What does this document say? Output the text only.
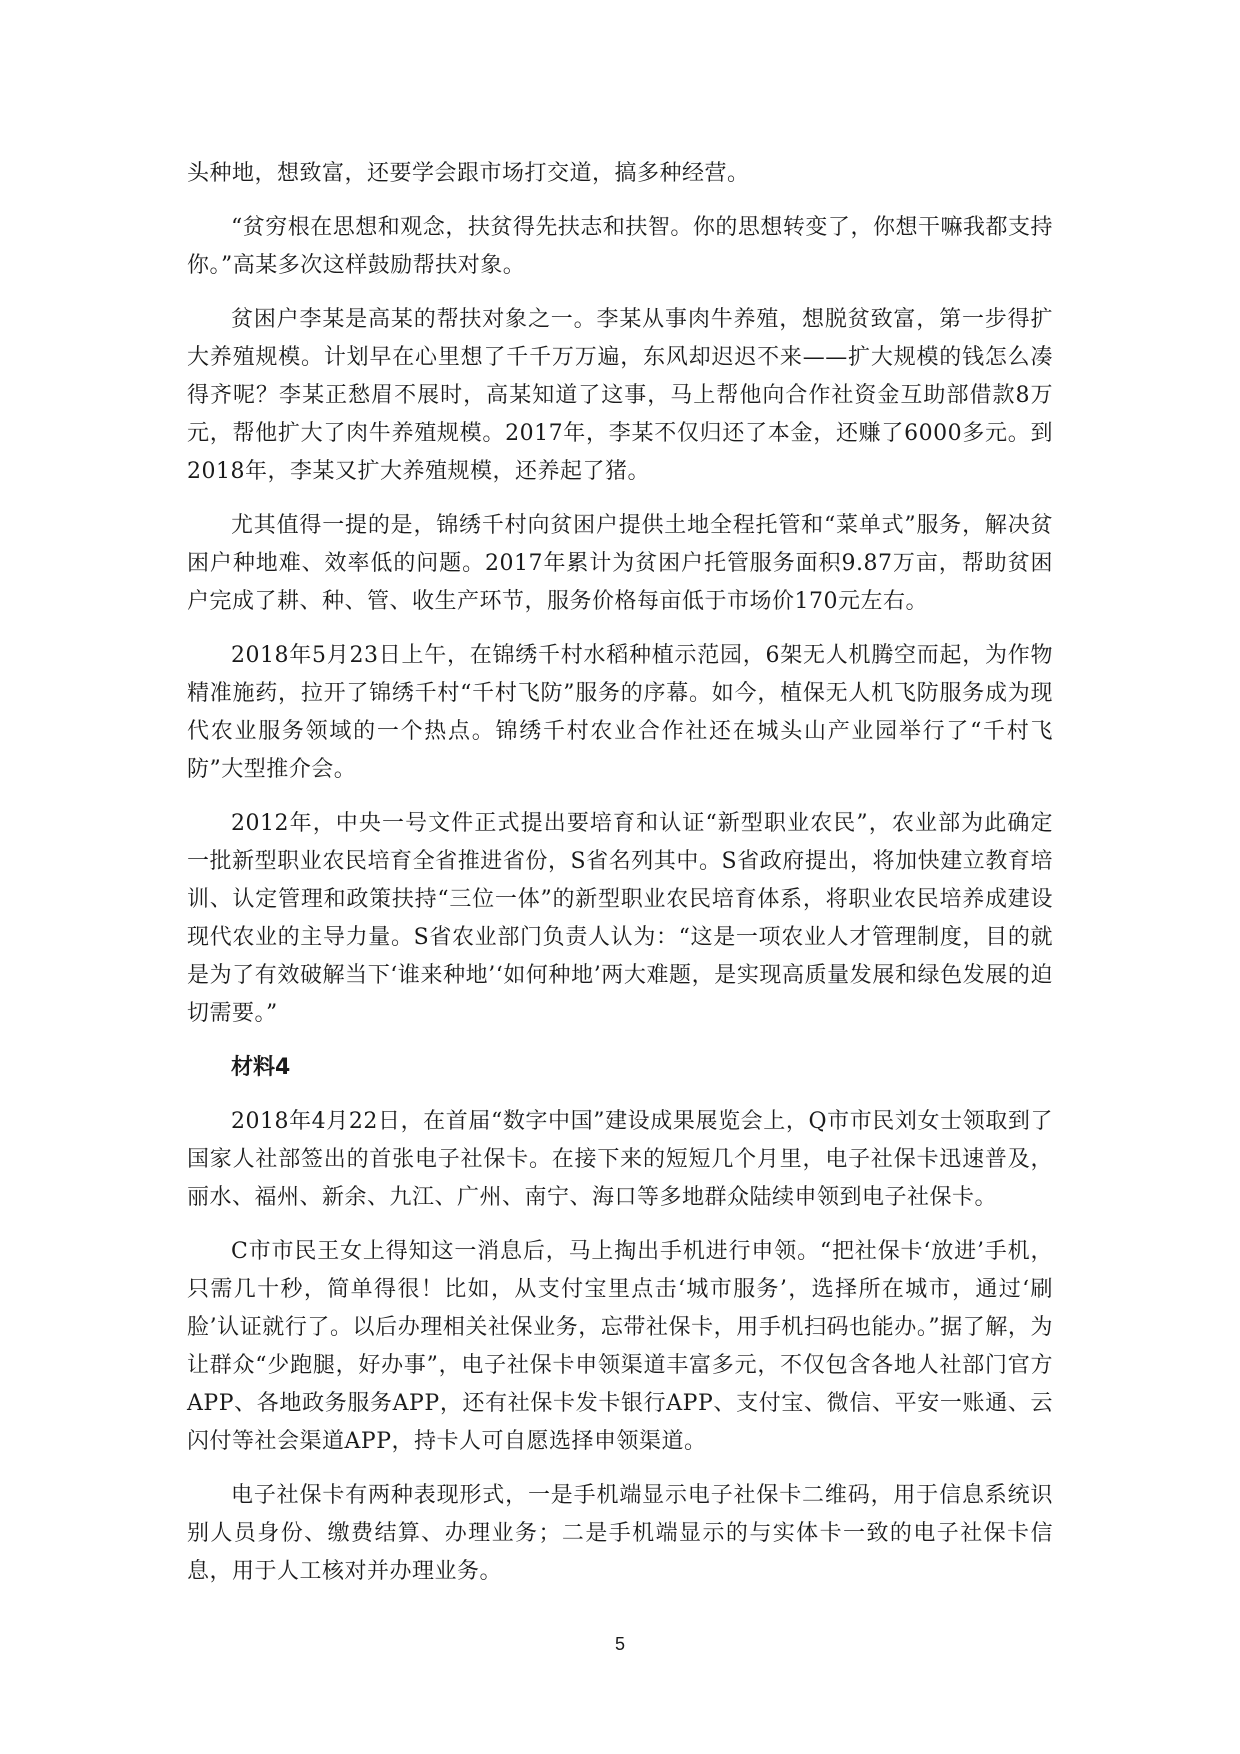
头种地，想致富，还要学会跟市场打交道，搞多种经营。

“贫穷根在思想和观念，扶贫得先扶志和扶智。你的思想转变了，你想干嘛我都支持你。”高某多次这样鼓励帮扶对象。

贫困户李某是高某的帮扶对象之一。李某从事肉牛养殖，想脱贫致富，第一步得扩大养殖规模。计划早在心里想了千千万万遍，东风却迟迟不来——扩大规模的钱怎么凑得齐呢？李某正愁眉不展时，高某知道了这事，马上帮他向合作社资金互助部借款8万元，帮他扩大了肉牛养殖规模。2017年，李某不仅归还了本金，还赚了6000多元。到2018年，李某又扩大养殖规模，还养起了猪。

尤其值得一提的是，锦绣千村向贫困户提供土地全程托管和“菜单式”服务，解决贫困户种地难、效率低的问题。2017年累计为贫困户托管服务面积9.87万亩，帮助贫困户完成了耕、种、管、收生产环节，服务价格每亩低于市场价170元左右。

2018年5月23日上午，在锦绣千村水稻种植示范园，6架无人机腾空而起，为作物精准施药，拉开了锦绣千村“千村飞防”服务的序幕。如今，植保无人机飞防服务成为现代农业服务领域的一个热点。锦绣千村农业合作社还在城头山产业园举行了“千村飞防”大型推介会。

2012年，中央一号文件正式提出要培育和认证“新型职业农民”，农业部为此确定一批新型职业农民培育全省推进省份，S省名列其中。S省政府提出，将加快建立教育培训、认定管理和政策扶持“三位一体”的新型职业农民培育体系，将职业农民培养成建设现代农业的主导力量。S省农业部门负责人认为：“这是一项农业人才管理制度，目的就是为了有效破解当下‘谁来种地’‘如何种地’两大难题，是实现高质量发展和绿色发展的迫切需要。”

材料4

2018年4月22日，在首届“数字中国”建设成果展览会上，Q市市民刘女士领取到了国家人社部签出的首张电子社保卡。在接下来的短短几个月里，电子社保卡迅速普及，丽水、福州、新余、九江、广州、南宁、海口等多地群众陆续申领到电子社保卡。

C市市民王女上得知这一消息后，马上掏出手机进行申领。“把社保卡‘放进’手机，只需几十秒，简单得很！比如，从支付宝里点击‘城市服务’，选择所在城市，通过‘刷脸’认证就行了。以后办理相关社保业务，忘带社保卡，用手机扫码也能办。”据了解，为让群众“少跑腿，好办事”，电子社保卡申领渠道丰富多元，不仅包含各地人社部门官方APP、各地政务服务APP，还有社保卡发卡银行APP、支付宝、微信、平安一账通、云闪付等社会渠道APP，持卡人可自愿选择申领渠道。

电子社保卡有两种表现形式，一是手机端显示电子社保卡二维码，用于信息系统识别人员身份、缴费结算、办理业务；二是手机端显示的与实体卡一致的电子社保卡信息，用于人工核对并办理业务。

5
